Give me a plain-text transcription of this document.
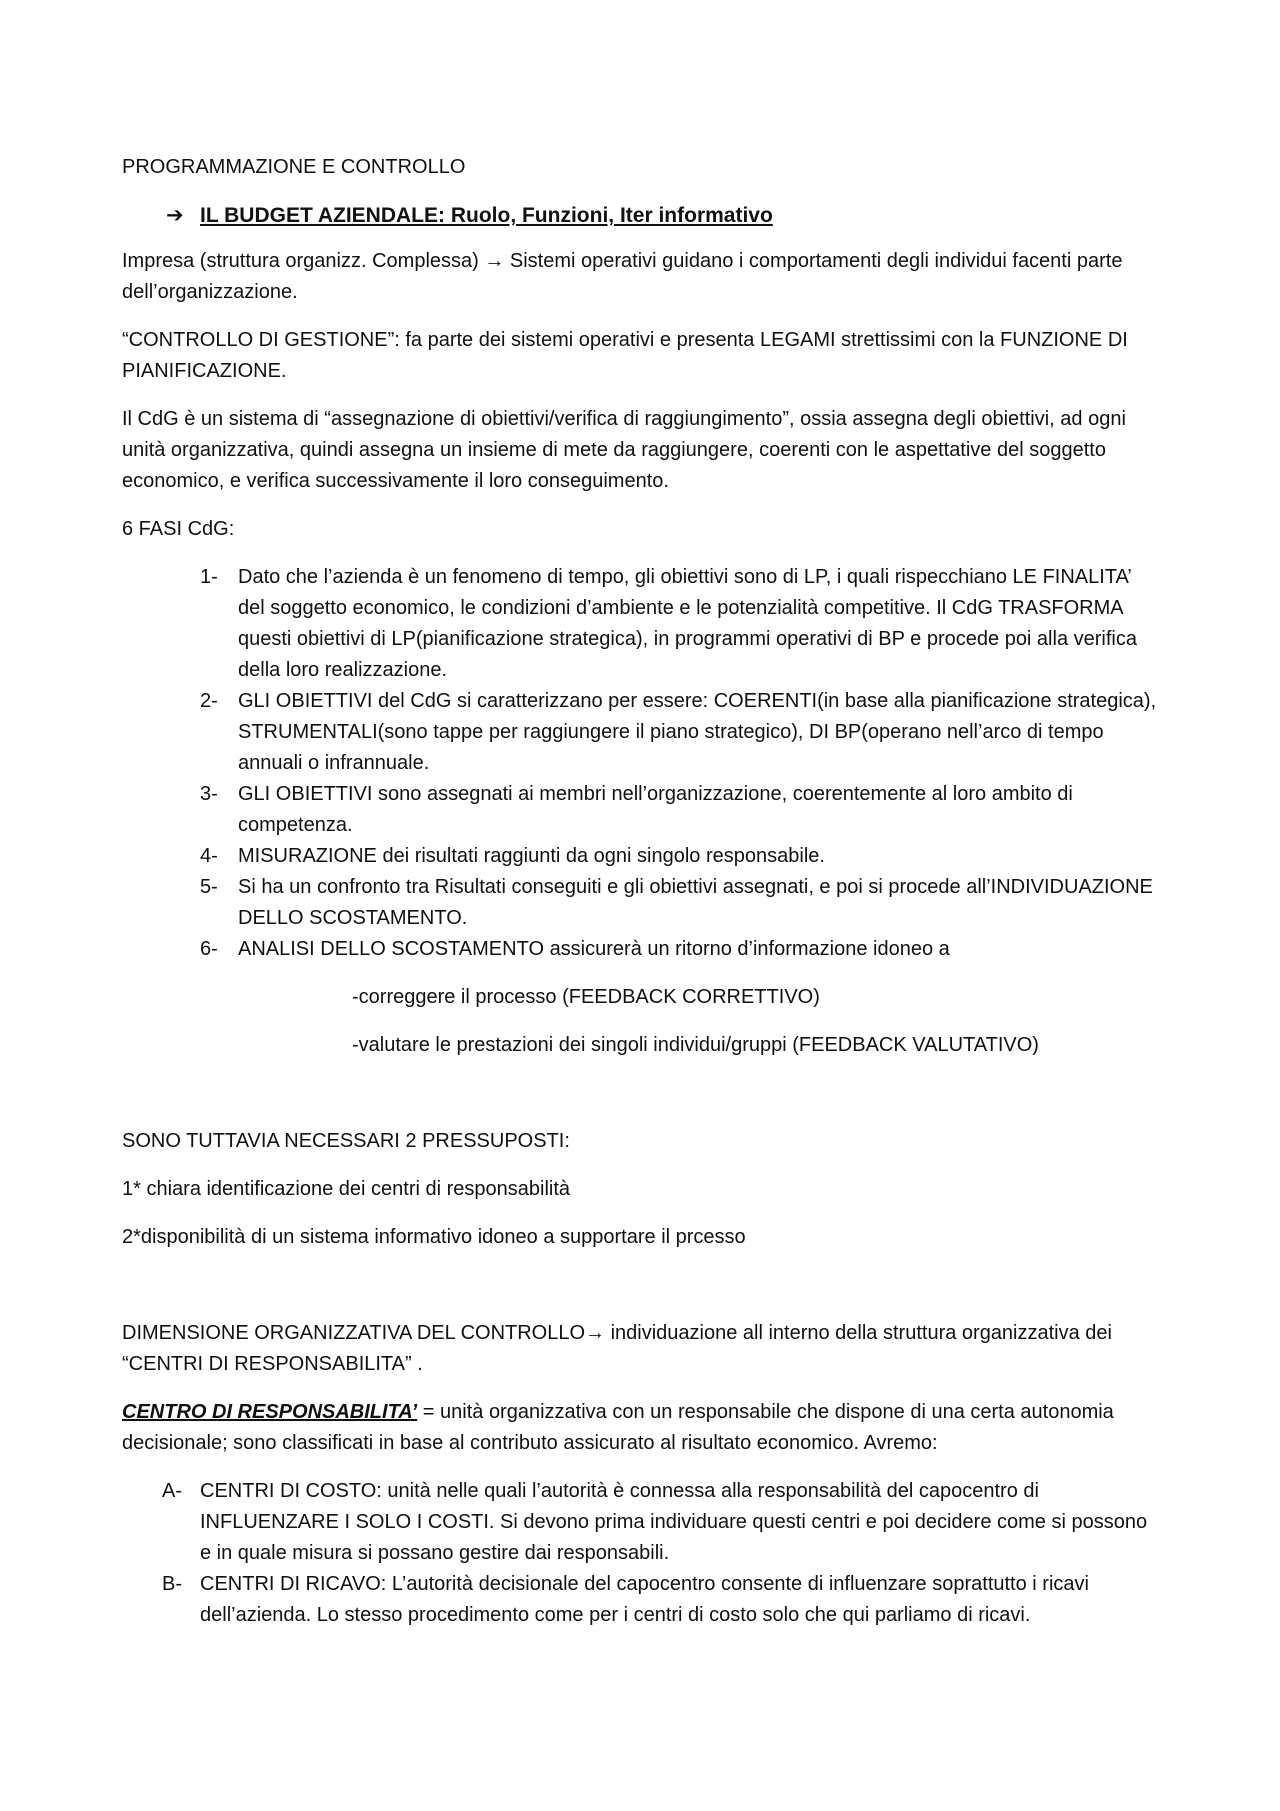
PROGRAMMAZIONE E CONTROLLO

➔ IL BUDGET AZIENDALE: Ruolo, Funzioni, Iter informativo

Impresa (struttura organizz. Complessa) → Sistemi operativi guidano i comportamenti degli individui facenti parte dell’organizzazione.

“CONTROLLO DI GESTIONE”: fa parte dei sistemi operativi e presenta LEGAMI strettissimi con la FUNZIONE DI PIANIFICAZIONE.

Il CdG è un sistema di “assegnazione di obiettivi/verifica di raggiungimento”, ossia assegna degli obiettivi, ad ogni unità organizzativa, quindi assegna un insieme di mete da raggiungere, coerenti con le aspettative del soggetto economico, e verifica successivamente il loro conseguimento.

6 FASI CdG:

1- Dato che l’azienda è un fenomeno di tempo, gli obiettivi sono di LP, i quali rispecchiano LE FINALITA’ del soggetto economico, le condizioni d’ambiente e le potenzialità competitive. Il CdG TRASFORMA questi obiettivi di LP(pianificazione strategica), in programmi operativi di BP e procede poi alla verifica della loro realizzazione.
2- GLI OBIETTIVI del CdG si caratterizzano per essere: COERENTI(in base alla pianificazione strategica), STRUMENTALI(sono tappe per raggiungere il piano strategico), DI BP(operano nell’arco di tempo annuali o infrannuale.
3- GLI OBIETTIVI sono assegnati ai membri nell’organizzazione, coerentemente al loro ambito di competenza.
4- MISURAZIONE dei risultati raggiunti da ogni singolo responsabile.
5- Si ha un confronto tra Risultati conseguiti e gli obiettivi assegnati, e poi si procede all’INDIVIDUAZIONE DELLO SCOSTAMENTO.
6- ANALISI DELLO SCOSTAMENTO assicurerà un ritorno d’informazione idoneo a

-correggere il processo (FEEDBACK CORRETTIVO)

-valutare le prestazioni dei singoli individui/gruppi (FEEDBACK VALUTATIVO)

SONO TUTTAVIA NECESSARI 2 PRESSUPOSTI:

1* chiara identificazione dei centri di responsabilità

2*disponibilità di un sistema informativo idoneo a supportare il prcesso

DIMENSIONE ORGANIZZATIVA DEL CONTROLLO→ individuazione all interno della struttura organizzativa dei “CENTRI DI RESPONSABILITA” .

CENTRO DI RESPONSABILITA’ = unità organizzativa con un responsabile che dispone di una certa autonomia decisionale; sono classificati in base al contributo assicurato al risultato economico. Avremo:

A- CENTRI DI COSTO: unità nelle quali l’autorità è connessa alla responsabilità del capocentro di INFLUENZARE I SOLO I COSTI. Si devono prima individuare questi centri e poi decidere come si possono e in quale misura si possano gestire dai responsabili.
B- CENTRI DI RICAVO: L’autorità decisionale del capocentro consente di influenzare soprattutto i ricavi dell’azienda. Lo stesso procedimento come per i centri di costo solo che qui parliamo di ricavi.
